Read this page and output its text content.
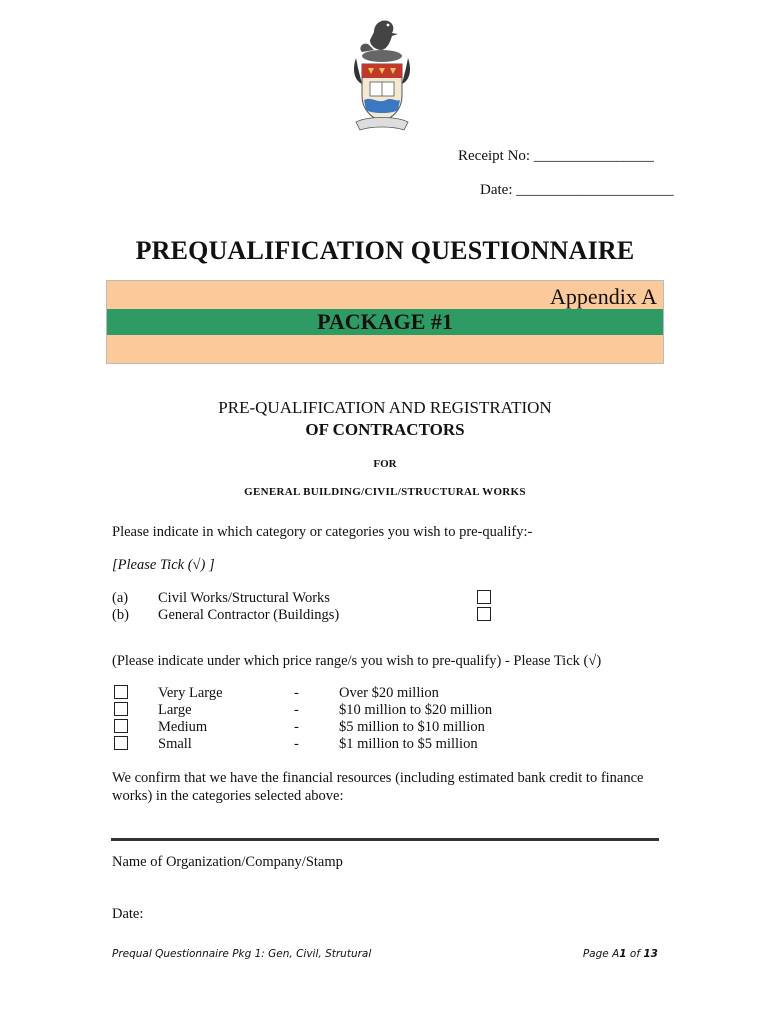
Receipt No: ________________
Date: _____________________
PREQUALIFICATION QUESTIONNAIRE
Appendix A
PACKAGE #1
PRE-QUALIFICATION AND REGISTRATION
OF CONTRACTORS
FOR
GENERAL BUILDING/CIVIL/STRUCTURAL WORKS
Please indicate in which category or categories you wish to pre-qualify:-
[Please Tick (√) ]
(a) Civil Works/Structural Works
(b) General Contractor (Buildings)
(Please indicate under which price range/s you wish to pre-qualify) - Please Tick (√)
Very Large	-	Over $20 million
Large	-	$10 million to $20 million
Medium	-	$5 million to $10 million
Small	-	$1 million to $5 million
We confirm that we have the financial resources (including estimated bank credit to finance
works) in the categories selected above:
Name of Organization/Company/Stamp
Date:
Prequal Questionnaire Pkg 1: Gen, Civil, Strutural	Page A1 of 13
